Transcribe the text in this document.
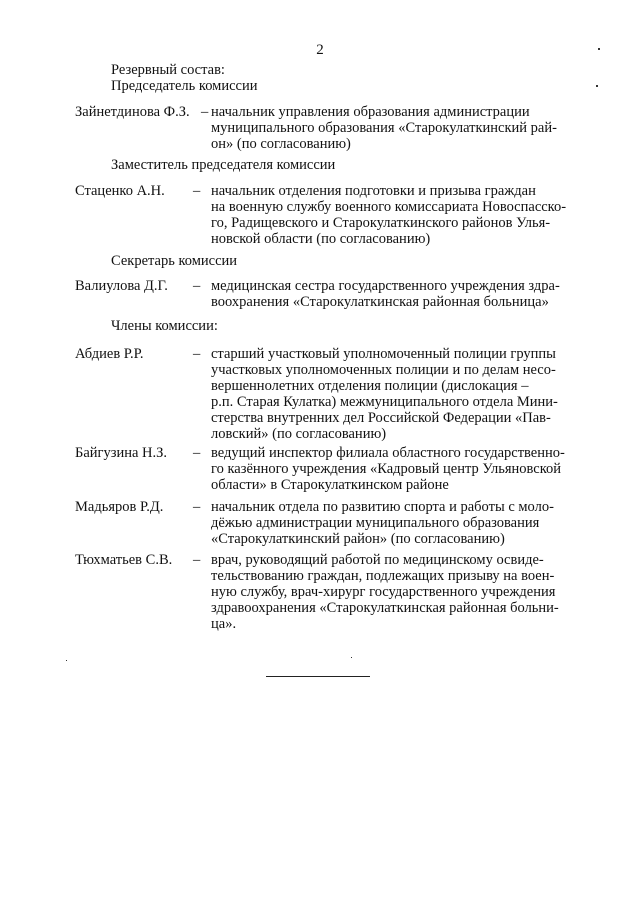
2
Резервный состав:
Председатель комиссии
Зайнетдинова Ф.З. – начальник управления образования администрации
муниципального образования «Старокулаткинский рай-
он» (по согласованию)
Заместитель председателя комиссии
Стаценко А.Н. – начальник отделения подготовки и призыва граждан
на военную службу военного комиссариата Новоспасско-
го, Радищевского и Старокулаткинского районов Улья-
новской области (по согласованию)
Секретарь комиссии
Валиулова Д.Г. – медицинская сестра государственного учреждения здра-
воохранения «Старокулаткинская районная больница»
Члены комиссии:
Абдиев Р.Р.	– старший участковый уполномоченный полиции группы
участковых уполномоченных полиции и по делам несо-
вершеннолетних отделения полиции (дислокация –
р.п. Старая Кулатка) межмуниципального отдела Мини-
стерства внутренних дел Российской Федерации «Пав-
ловский» (по согласованию)
Байгузина Н.З. – ведущий инспектор филиала областного государственно-
го казённого учреждения «Кадровый центр Ульяновской
области» в Старокулаткинском районе
Мадьяров Р.Д. – начальник отдела по развитию спорта и работы с моло-
дёжью администрации муниципального образования
«Старокулаткинский район» (по согласованию)
Тюхматьев С.В. – врач, руководящий работой по медицинскому освиде-
тельствованию граждан, подлежащих призыву на воен-
ную службу, врач-хирург государственного учреждения
здравоохранения «Старокулаткинская районная больни-
ца».
